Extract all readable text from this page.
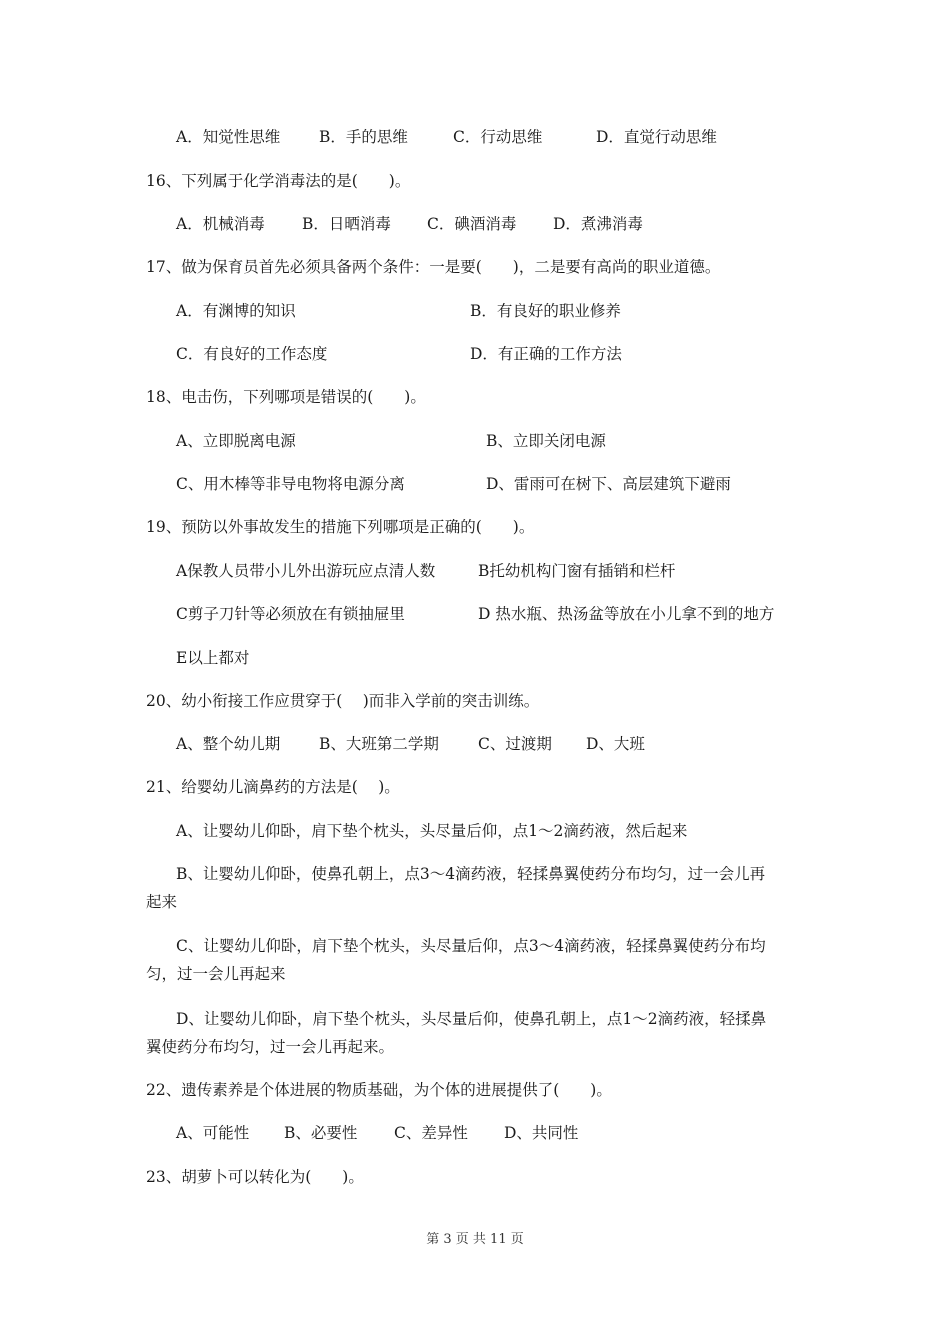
A．知觉性思维	B．手的思维	C．行动思维	D．直觉行动思维
16、下列属于化学消毒法的是(　　)。
A．机械消毒 B．日晒消毒 C．碘酒消毒 D．煮沸消毒
17、做为保育员首先必须具备两个条件：一是要(　　)，二是要有高尚的职业道德。
A．有渊博的知识	B．有良好的职业修养
C．有良好的工作态度	D．有正确的工作方法
18、电击伤，下列哪项是错误的(　　)。
A、立即脱离电源	B、立即关闭电源
C、用木棒等非导电物将电源分离	D、雷雨可在树下、高层建筑下避雨
19、预防以外事故发生的措施下列哪项是正确的(　　)。
A保教人员带小儿外出游玩应点清人数	B托幼机构门窗有插销和栏杆
C剪子刀针等必须放在有锁抽屉里	D 热水瓶、热汤盆等放在小儿拿不到的地方
E以上都对
20、幼小衔接工作应贯穿于(　 )而非入学前的突击训练。
A、整个幼儿期	B、大班第二学期	C、过渡期 D、大班
21、给婴幼儿滴鼻药的方法是(　 )。
A、让婴幼儿仰卧，肩下垫个枕头，头尽量后仰，点1～2滴药液，然后起来
B、让婴幼儿仰卧，使鼻孔朝上，点3～4滴药液，轻揉鼻翼使药分布均匀，过一会儿再
起来
C、让婴幼儿仰卧，肩下垫个枕头，头尽量后仰，点3～4滴药液，轻揉鼻翼使药分布均
匀，过一会儿再起来
D、让婴幼儿仰卧，肩下垫个枕头，头尽量后仰，使鼻孔朝上，点1～2滴药液，轻揉鼻
翼使药分布均匀，过一会儿再起来。
22、遗传素养是个体进展的物质基础，为个体的进展提供了(　　)。
A、可能性 B、必要性 C、差异性 D、共同性
23、胡萝卜可以转化为(　　)。
第 3 页 共 11 页
